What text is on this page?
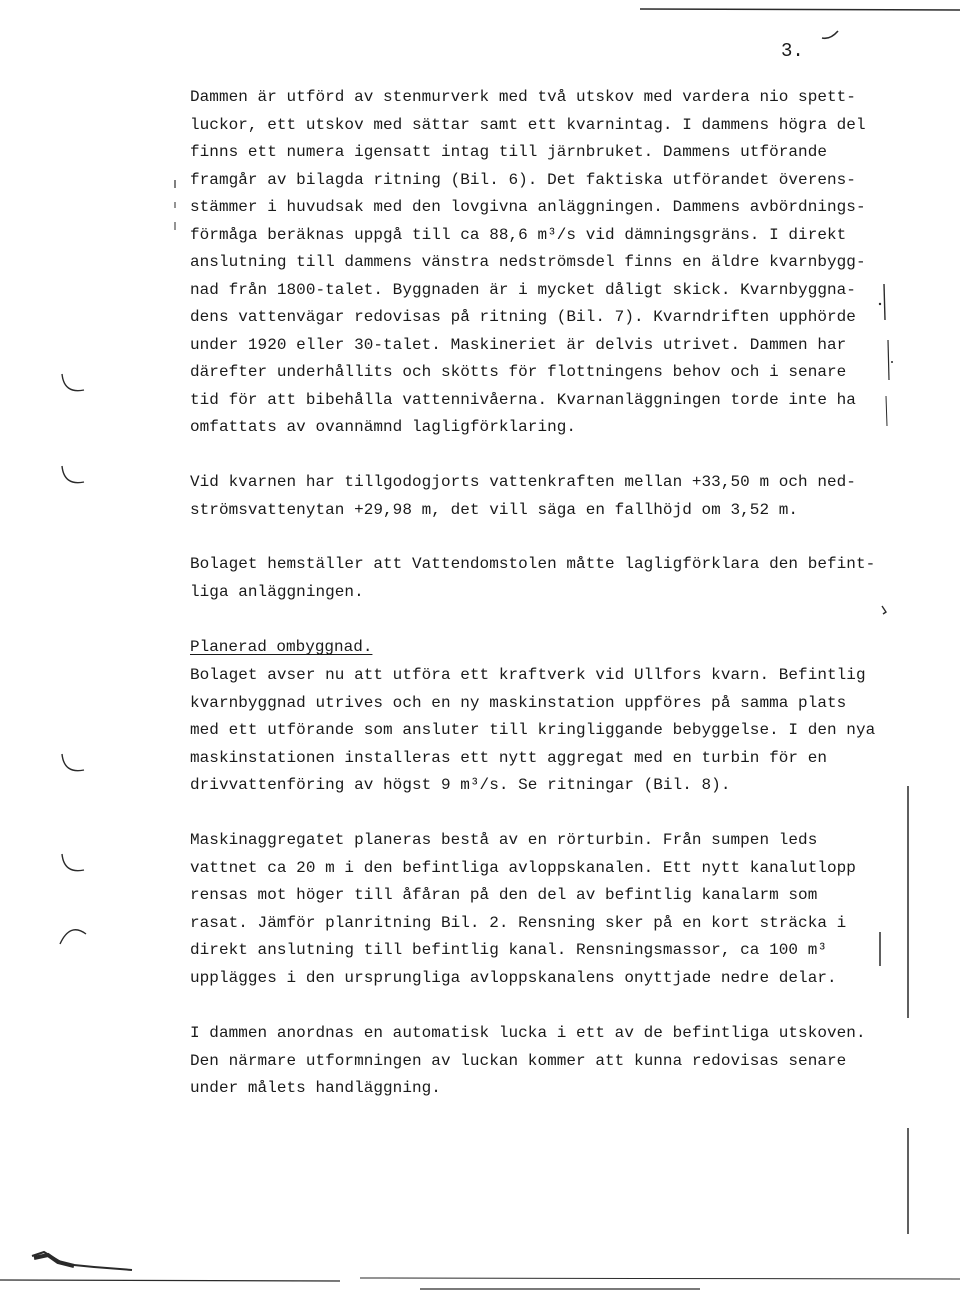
3.

Dammen är utförd av stenmurverk med två utskov med vardera nio spett-
luckor, ett utskov med sättar samt ett kvarnintag. I dammens högra del
finns ett numera igensatt intag till järnbruket. Dammens utförande
framgår av bilagda ritning (Bil. 6). Det faktiska utförandet överens-
stämmer i huvudsak med den lovgivna anläggningen. Dammens avbördnings-
förmåga beräknas uppgå till ca 88,6 m³/s vid dämningsgräns. I direkt
anslutning till dammens vänstra nedströmsdel finns en äldre kvarnbygg-
nad från 1800-talet. Byggnaden är i mycket dåligt skick. Kvarnbyggna-
dens vattenvägar redovisas på ritning (Bil. 7). Kvarndriften upphörde
under 1920 eller 30-talet. Maskineriet är delvis utrivet. Dammen har
därefter underhållits och skötts för flottningens behov och i senare
tid för att bibehålla vattennivåerna. Kvarnanläggningen torde inte ha
omfattats av ovannämnd lagligförklaring.

Vid kvarnen har tillgodogjorts vattenkraften mellan +33,50 m och ned-
strömsvattenytan +29,98 m, det vill säga en fallhöjd om 3,52 m.

Bolaget hemställer att Vattendomstolen måtte lagligförklara den befint-
liga anläggningen.

Planerad ombyggnad.

Bolaget avser nu att utföra ett kraftverk vid Ullfors kvarn. Befintlig
kvarnbyggnad utrives och en ny maskinstation uppföres på samma plats
med ett utförande som ansluter till kringliggande bebyggelse. I den nya
maskinstationen installeras ett nytt aggregat med en turbin för en
drivvattenföring av högst 9 m³/s. Se ritningar (Bil. 8).

Maskinaggregatet planeras bestå av en rörturbin. Från sumpen leds
vattnet ca 20 m i den befintliga avloppskanalen. Ett nytt kanalutlopp
rensas mot höger till åfåran på den del av befintlig kanalarm som
rasat. Jämför planritning Bil. 2. Rensning sker på en kort sträcka i
direkt anslutning till befintlig kanal. Rensningsmassor, ca 100 m³
upplägges i den ursprungliga avloppskanalens onyttjade nedre delar.

I dammen anordnas en automatisk lucka i ett av de befintliga utskoven.
Den närmare utformningen av luckan kommer att kunna redovisas senare
under målets handläggning.
